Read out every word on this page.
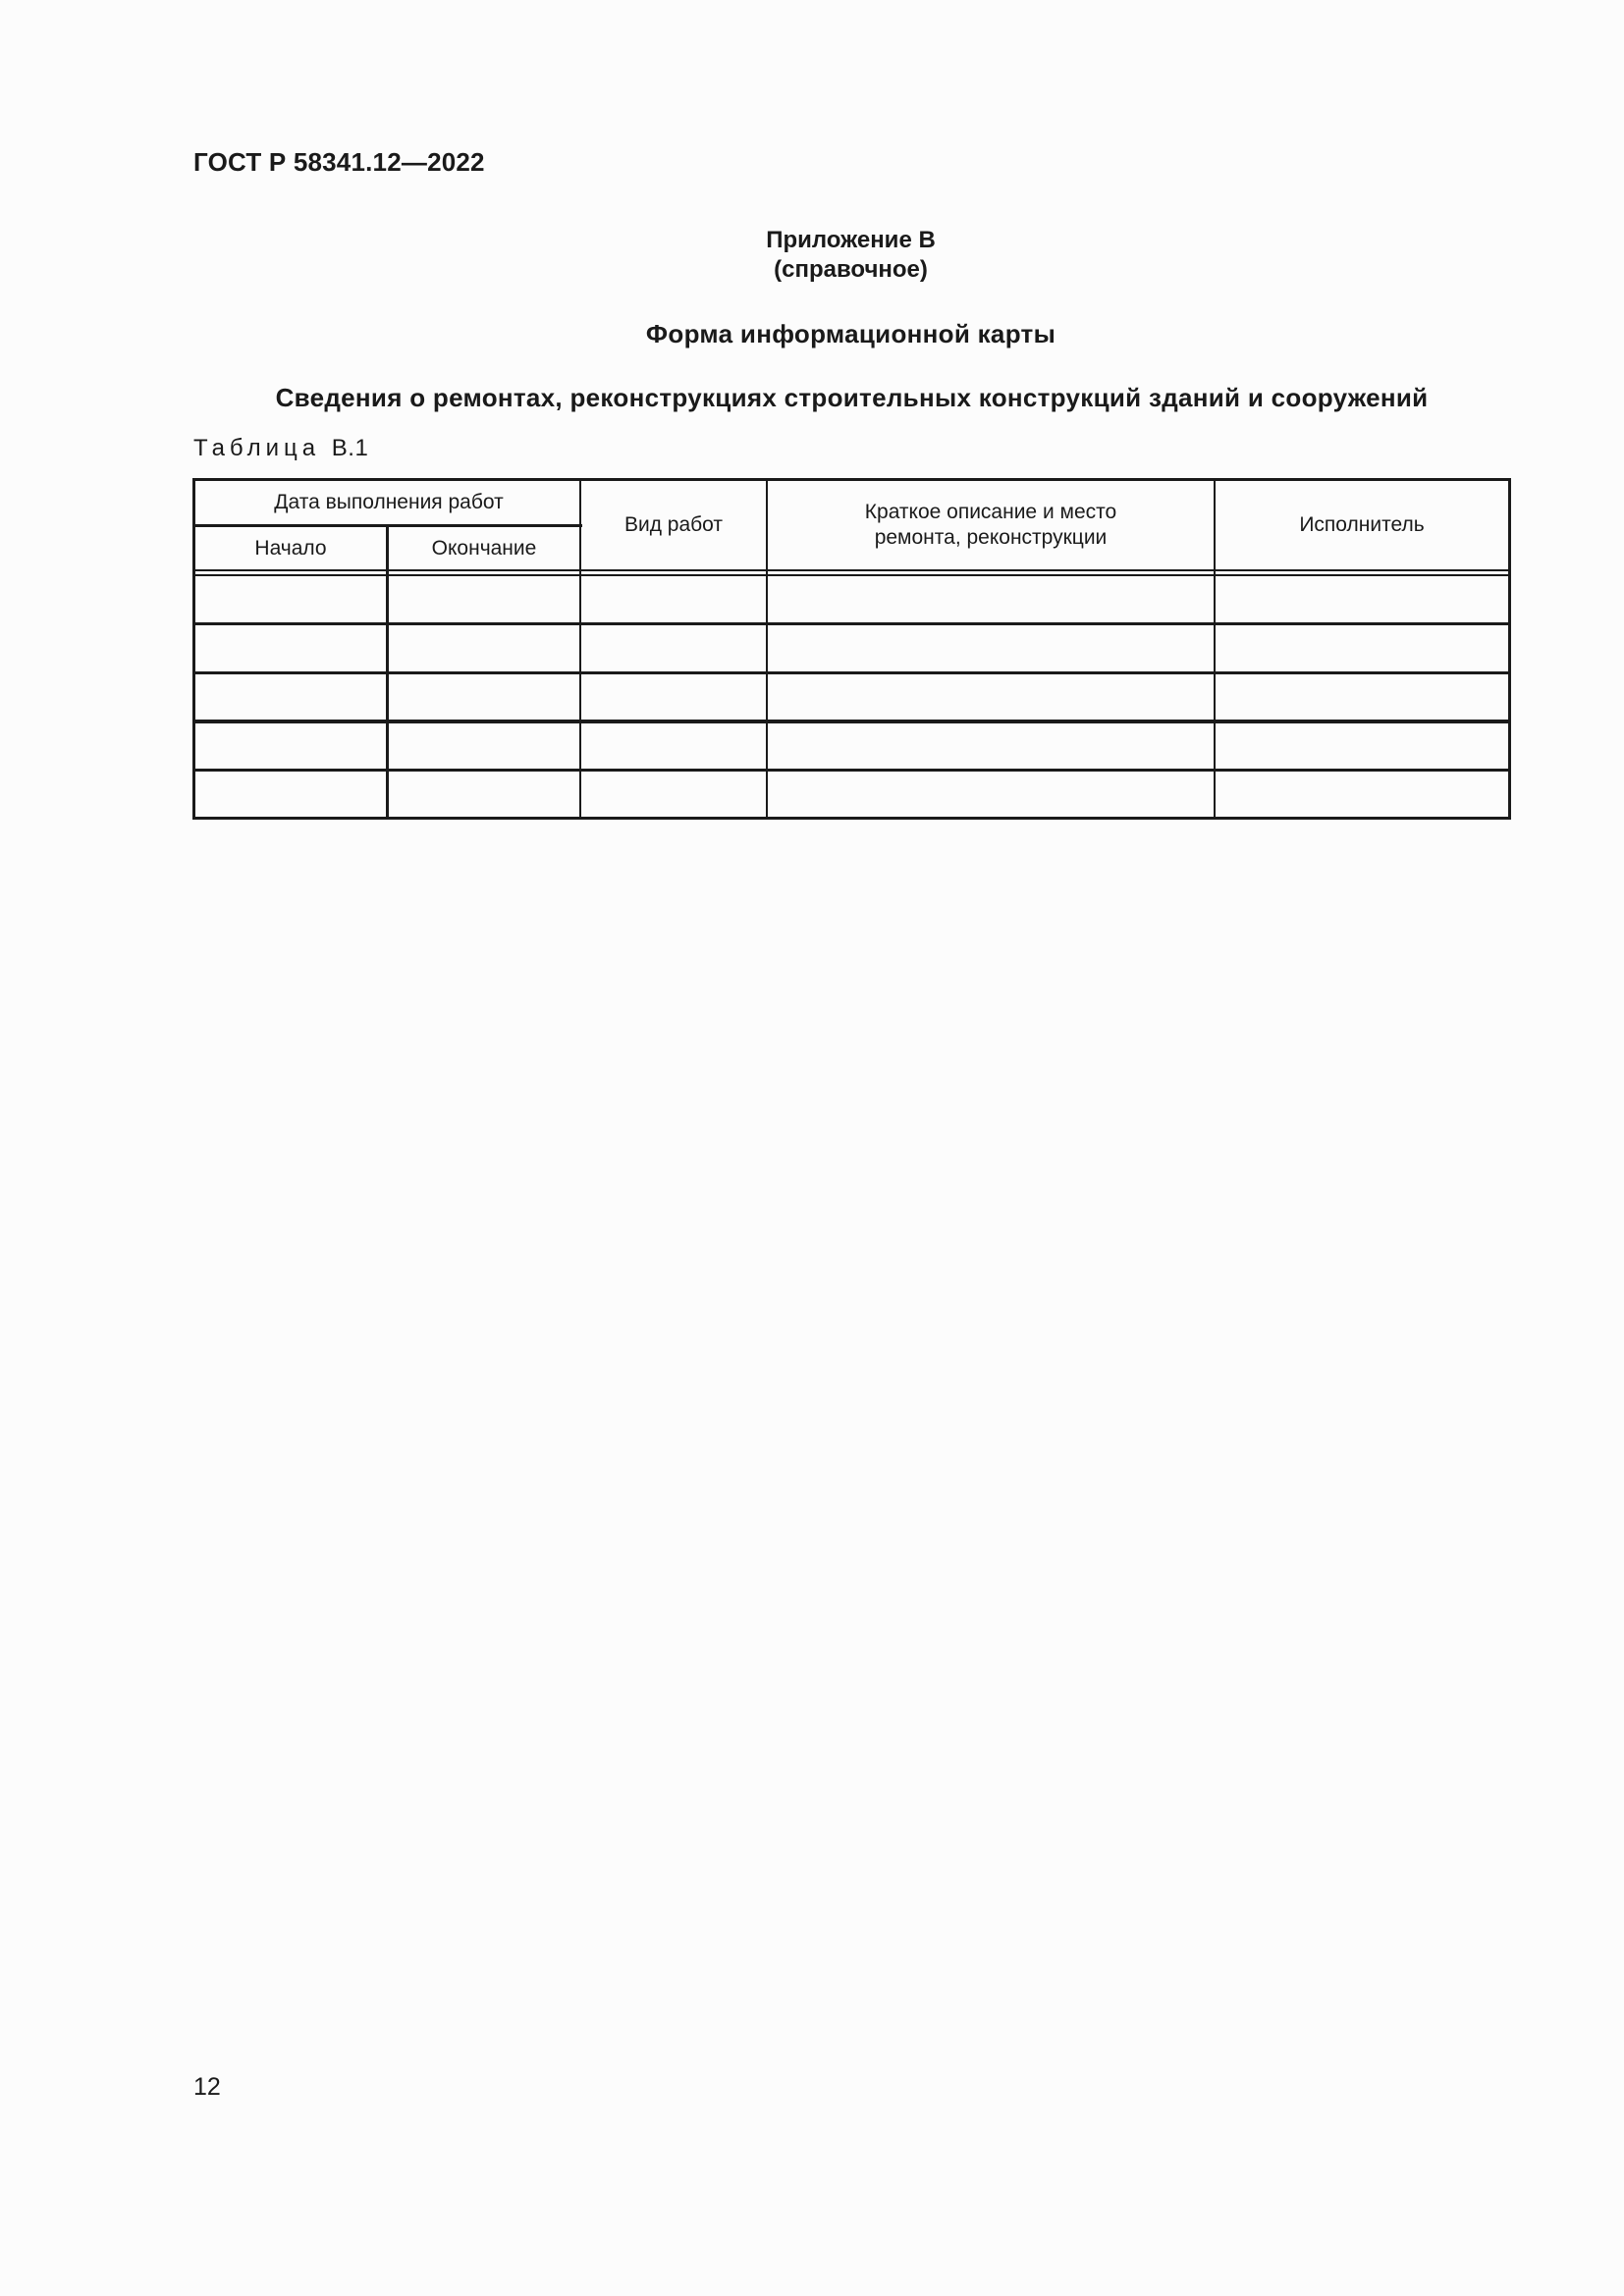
ГОСТ Р 58341.12—2022
Приложение В
(справочное)
Форма информационной карты
Сведения о ремонтах, реконструкциях строительных конструкций зданий и сооружений
Таблица В.1
Дата выполнения работ
Начало	Окончание
Вид работ
Краткое описание и место ремонта, реконструкции
Исполнитель
12
